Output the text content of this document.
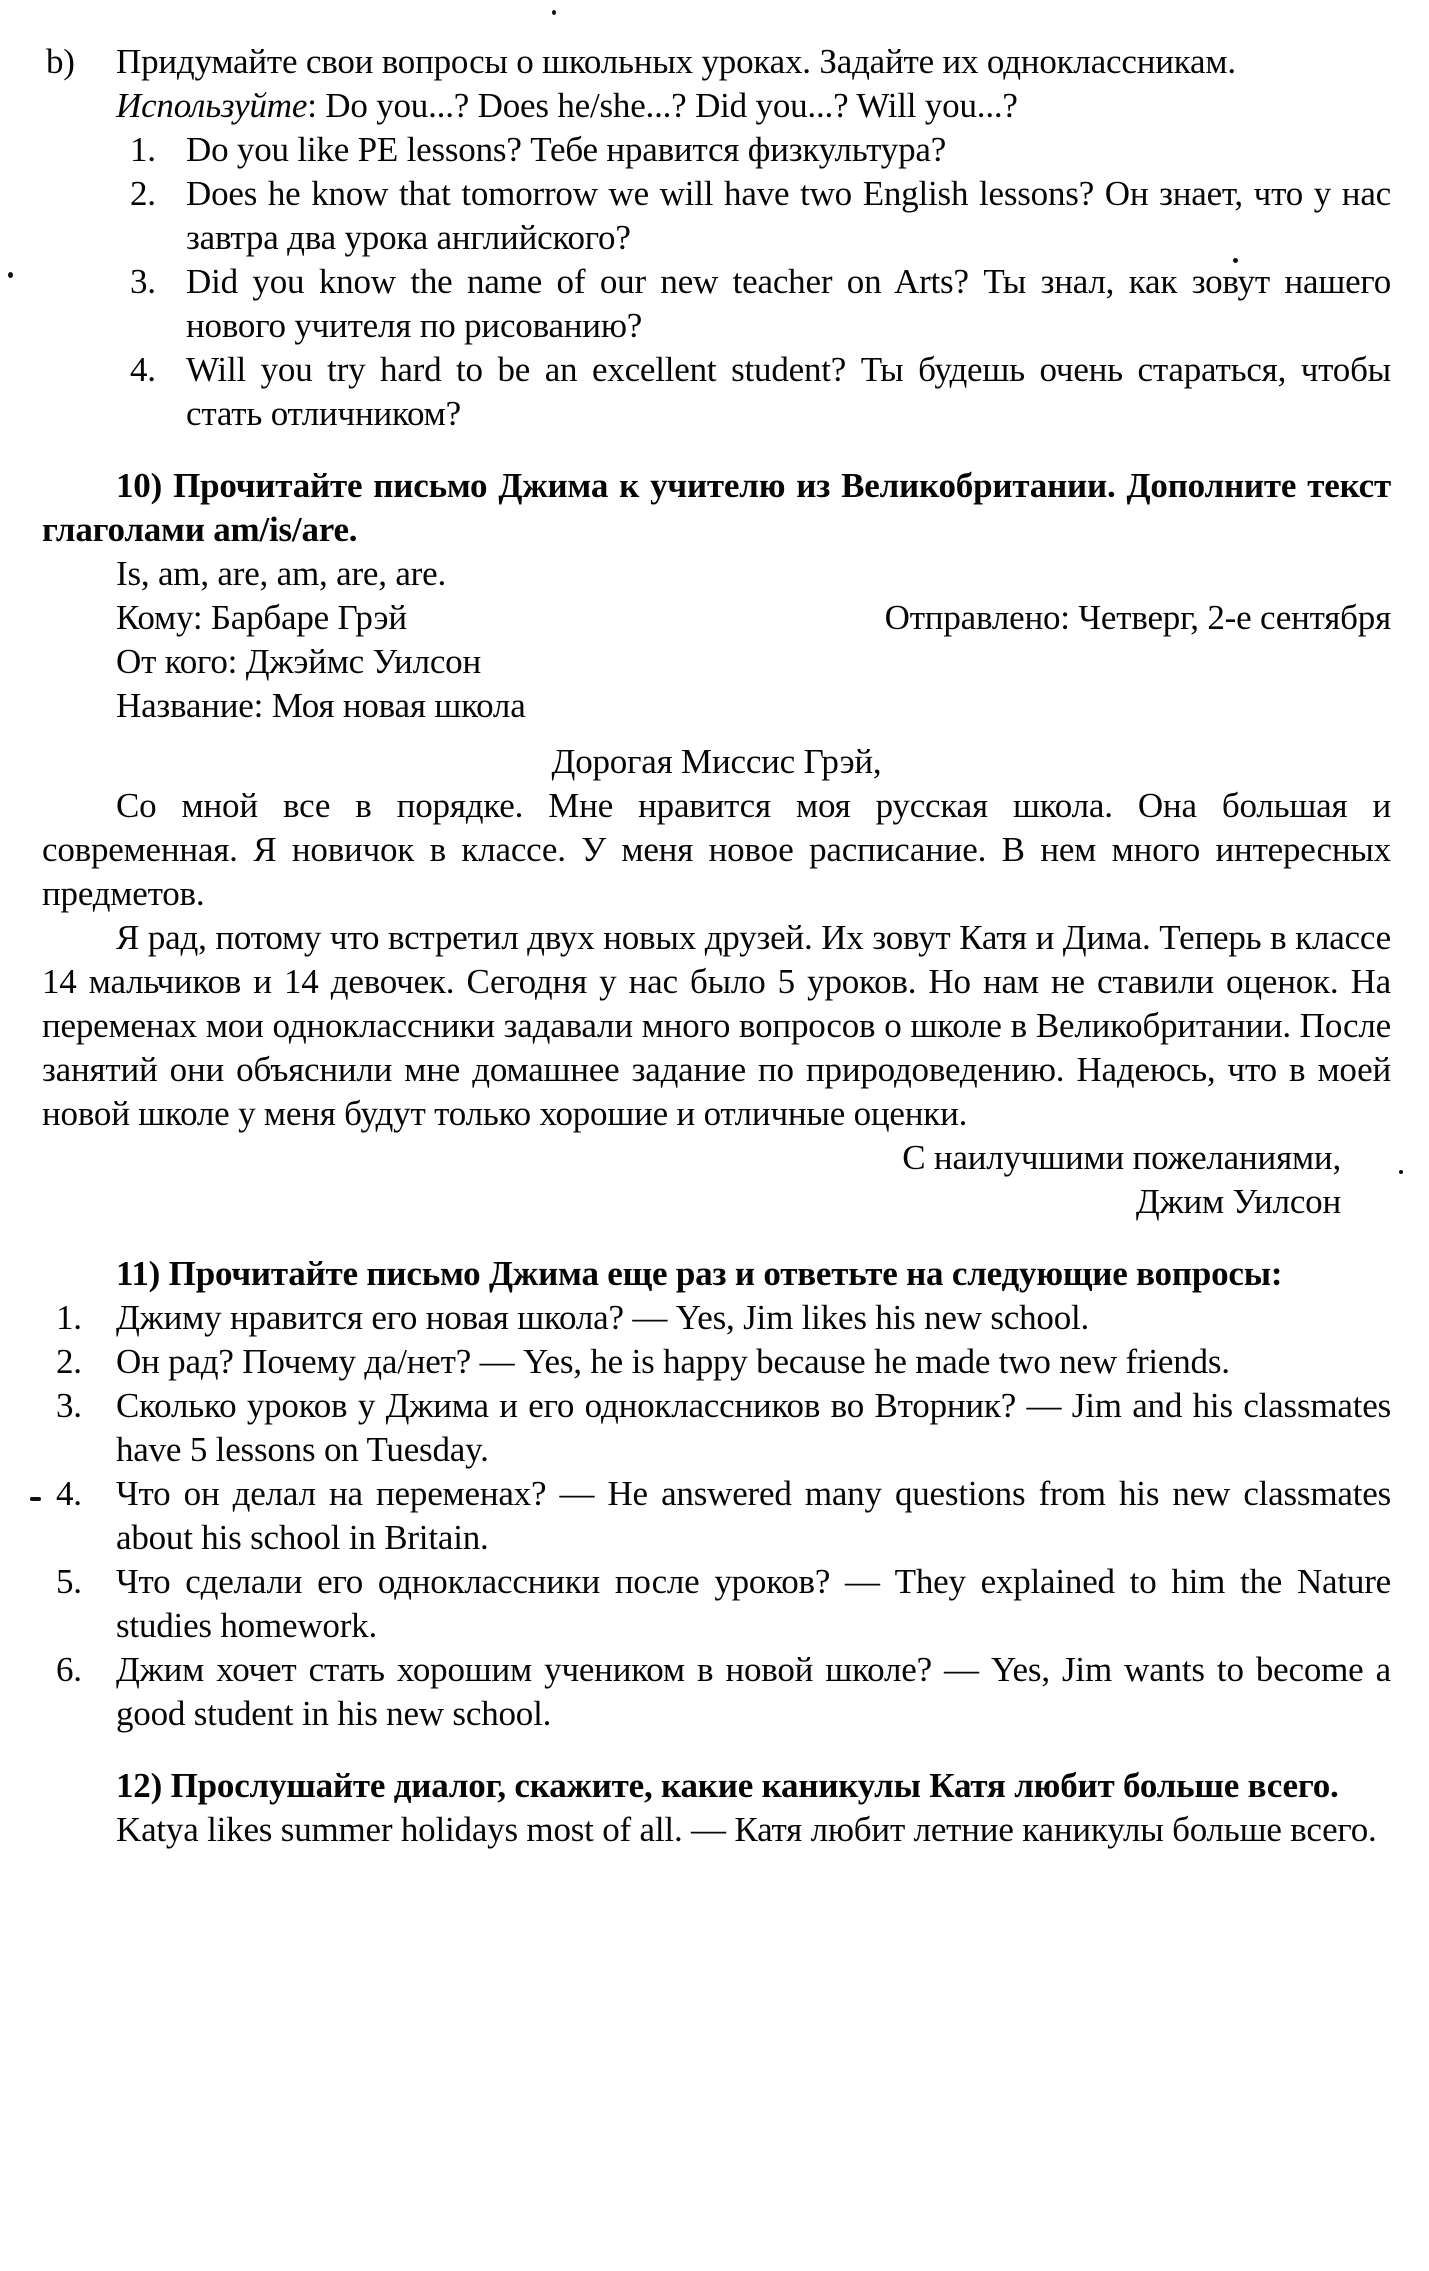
b) Придумайте свои вопросы о школьных уроках. Задайте их одноклассникам.

Используйте: Do you...? Does he/she...? Did you...? Will you...?

1. Do you like PE lessons? Тебе нравится физкультура?

2. Does he know that tomorrow we will have two English lessons? Он знает, что у нас завтра два урока английского?

3. Did you know the name of our new teacher on Arts? Ты знал, как зовут нашего нового учителя по рисованию?

4. Will you try hard to be an excellent student? Ты будешь очень стараться, чтобы стать отличником?

10) Прочитайте письмо Джима к учителю из Великобритании. Дополните текст глаголами am/is/are.

Is, am, are, am, are, are.

Кому: Барбаре Грэй	Отправлено: Четверг, 2-е сентября

От кого: Джэймс Уилсон

Название: Моя новая школа

Дорогая Миссис Грэй,

Со мной все в порядке. Мне нравится моя русская школа. Она большая и современная. Я новичок в классе. У меня новое расписание. В нем много интересных предметов.

Я рад, потому что встретил двух новых друзей. Их зовут Катя и Дима. Теперь в классе 14 мальчиков и 14 девочек. Сегодня у нас было 5 уроков. Но нам не ставили оценок. На переменах мои одноклассники задавали много вопросов о школе в Великобритании. После занятий они объяснили мне домашнее задание по природоведению. Надеюсь, что в моей новой школе у меня будут только хорошие и отличные оценки.

С наилучшими пожеланиями,

Джим Уилсон

11) Прочитайте письмо Джима еще раз и ответьте на следующие вопросы:

1. Джиму нравится его новая школа? — Yes, Jim likes his new school.

2. Он рад? Почему да/нет? — Yes, he is happy because he made two new friends.

3. Сколько уроков у Джима и его одноклассников во Вторник? — Jim and his classmates have 5 lessons on Tuesday.

4. Что он делал на переменах? — He answered many questions from his new classmates about his school in Britain.

5. Что сделали его одноклассники после уроков? — They explained to him the Nature studies homework.

6. Джим хочет стать хорошим учеником в новой школе? — Yes, Jim wants to become a good student in his new school.

12) Прослушайте диалог, скажите, какие каникулы Катя любит больше всего.

Katya likes summer holidays most of all. — Катя любит летние каникулы больше всего.
